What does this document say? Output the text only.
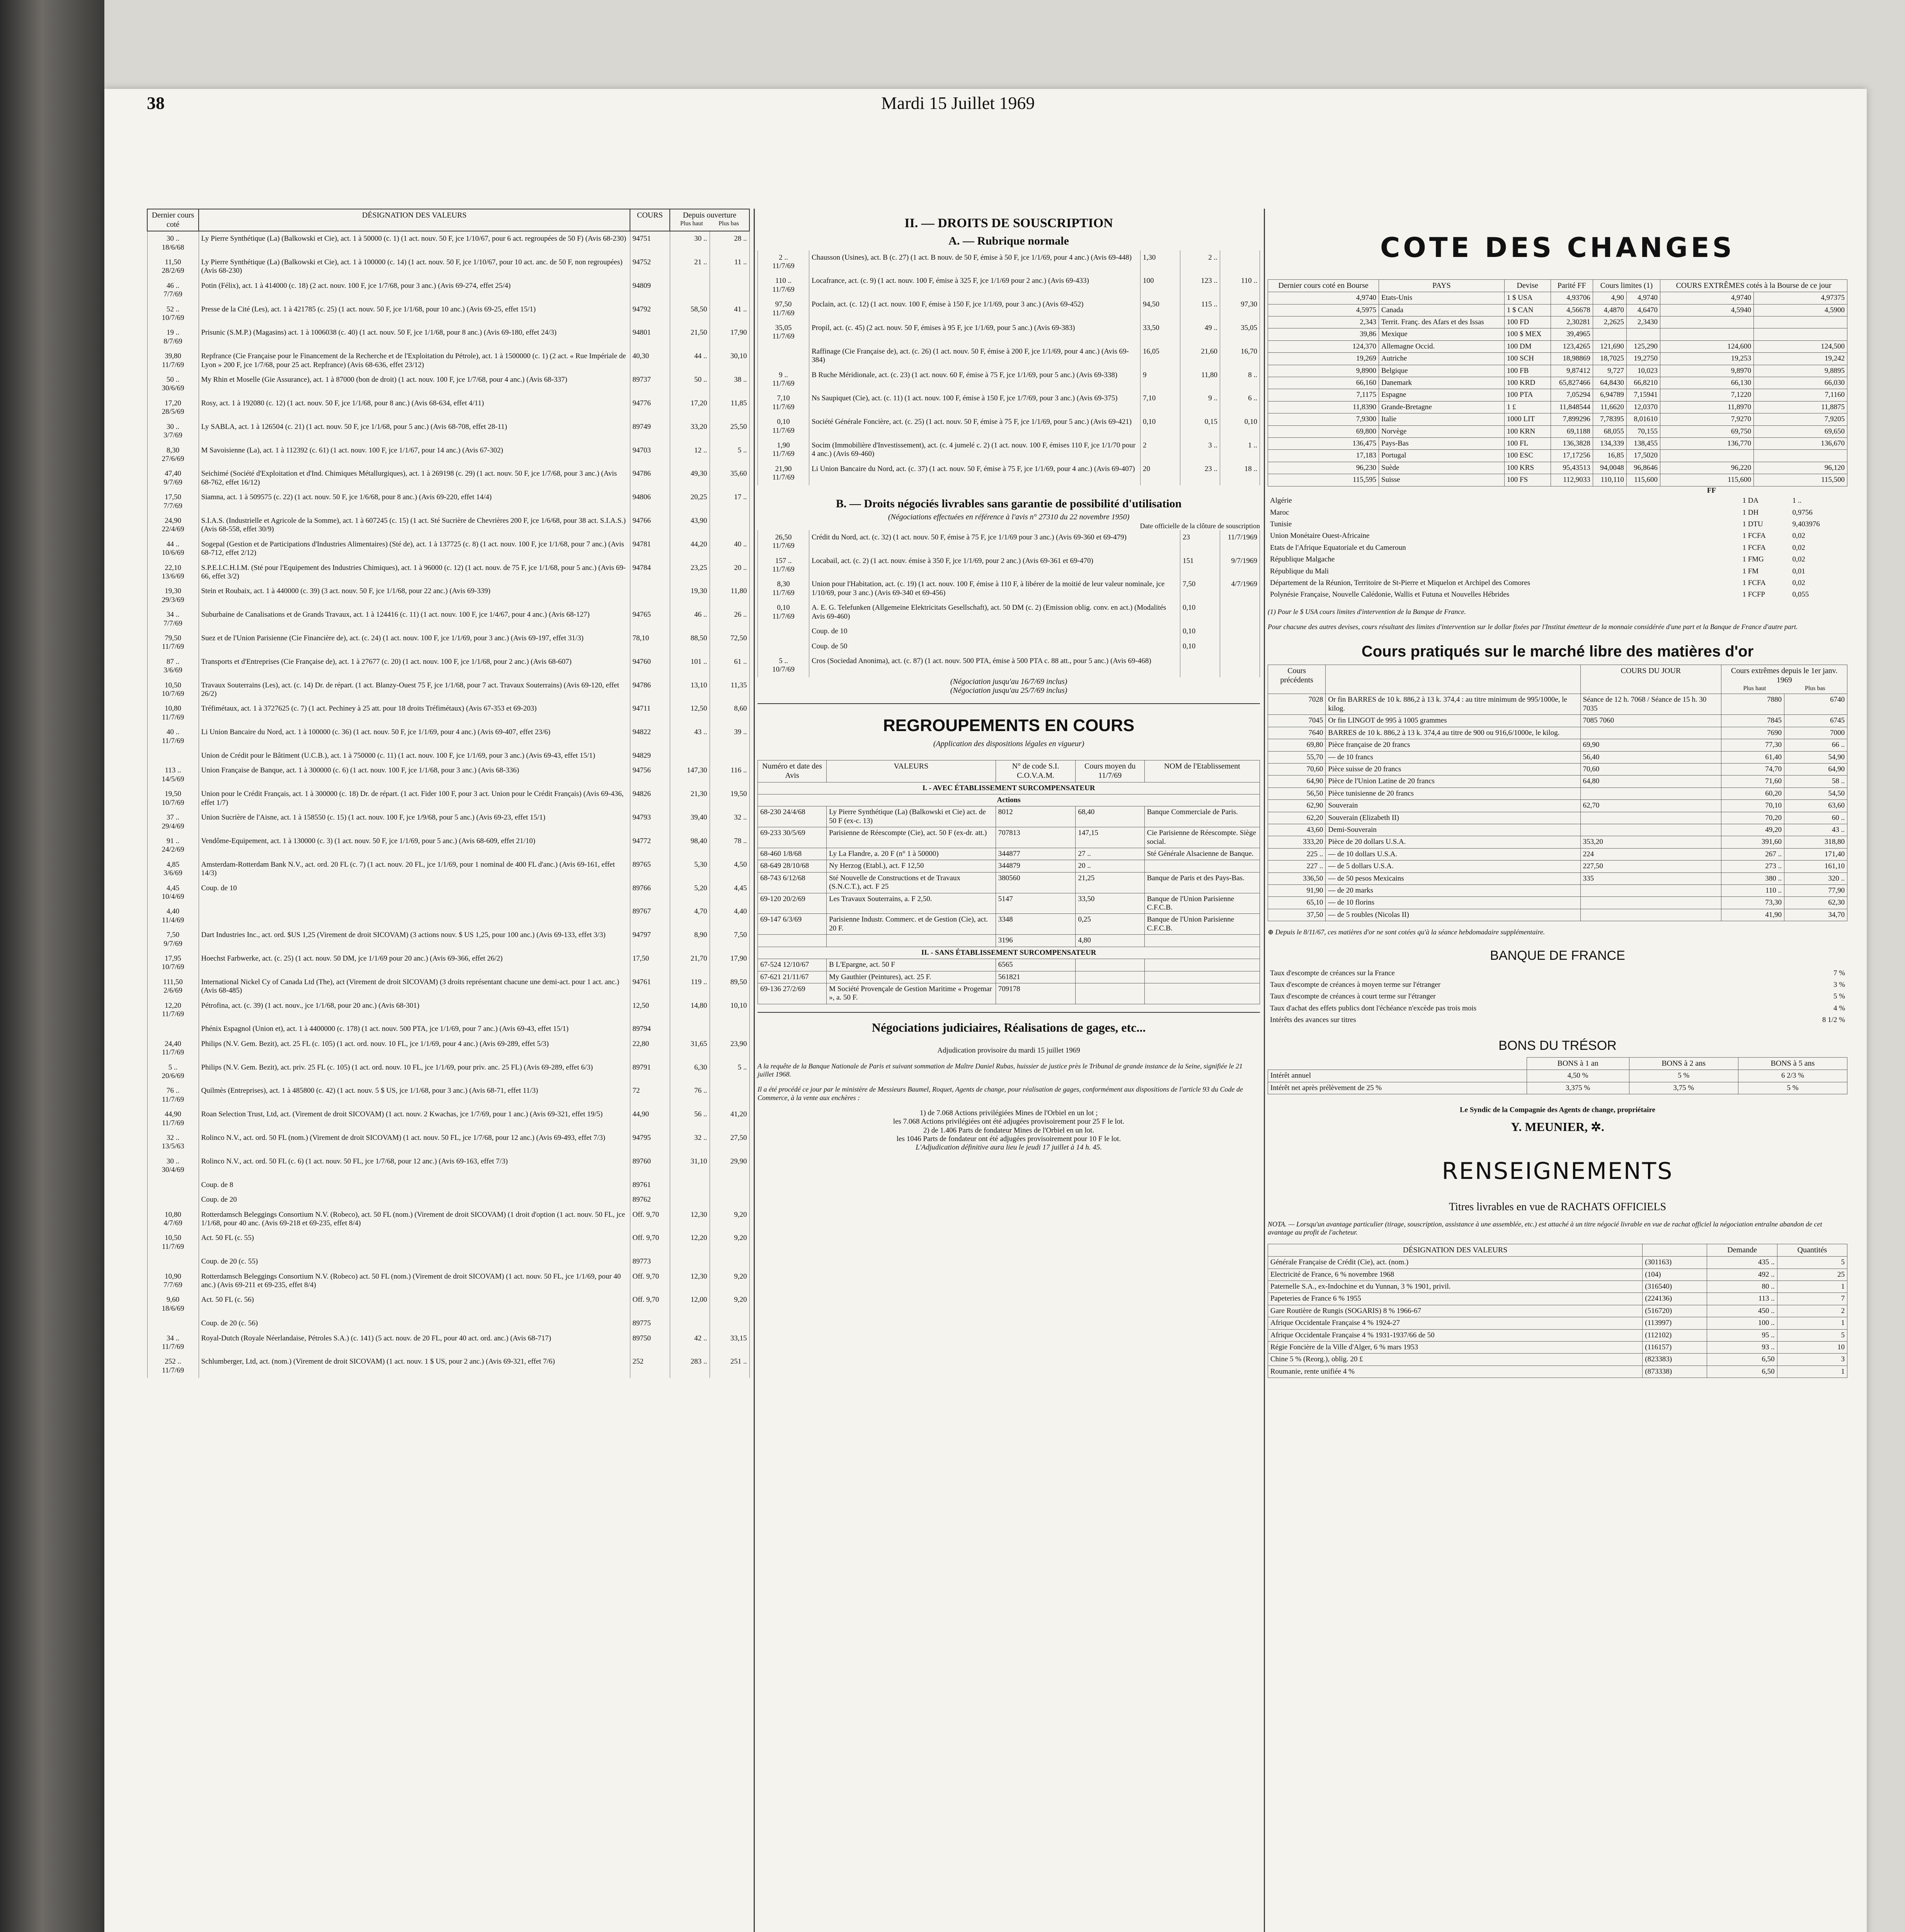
38	Mardi 15 Juillet 1969
Dernier cours coté	DÉSIGNATION DES VALEURS	COURS	Depuis ouverture
Plus haut Plus bas	

30 ..
18/6/68	Ly Pierre Synthétique (La) (Balkowski et Cie), act. 1 à 50000 (c. 1) (1 act. nouv. 50 F, jce 1/10/67, pour 6 act. regroupées de 50 F) (Avis 68-230)	94751	30 ..	28 ..
11,50
28/2/69	Ly Pierre Synthétique (La) (Balkowski et Cie), act. 1 à 100000 (c. 14) (1 act. nouv. 50 F, jce 1/10/67, pour 10 act. anc. de 50 F, non regroupées) (Avis 68-230)	94752	21 ..	11 ..
46 ..
7/7/69	Potin (Félix), act. 1 à 414000 (c. 18) (2 act. nouv. 100 F, jce 1/7/68, pour 3 anc.) (Avis 69-274, effet 25/4)	94809		
52 ..
10/7/69	Presse de la Cité (Les), act. 1 à 421785 (c. 25) (1 act. nouv. 50 F, jce 1/1/68, pour 10 anc.) (Avis 69-25, effet 15/1)	94792	58,50	41 ..
19 ..
8/7/69	Prisunic (S.M.P.) (Magasins) act. 1 à 1006038 (c. 40) (1 act. nouv. 50 F, jce 1/1/68, pour 8 anc.) (Avis 69-180, effet 24/3)	94801	21,50	17,90
39,80
11/7/69	Repfrance (Cie Française pour le Financement de la Recherche et de l'Exploitation du Pétrole), act. 1 à 1500000 (c. 1) (2 act. « Rue Impériale de Lyon » 200 F, jce 1/7/68, pour 25 act. Repfrance) (Avis 68-636, effet 23/12)	40,30	44 ..	30,10
50 ..
30/6/69	My Rhin et Moselle (Gie Assurance), act. 1 à 87000 (bon de droit) (1 act. nouv. 100 F, jce 1/7/68, pour 4 anc.) (Avis 68-337)	89737	50 ..	38 ..
17,20
28/5/69	Rosy, act. 1 à 192080 (c. 12) (1 act. nouv. 50 F, jce 1/1/68, pour 8 anc.) (Avis 68-634, effet 4/11)	94776	17,20	11,85
30 ..
3/7/69	Ly SABLA, act. 1 à 126504 (c. 21) (1 act. nouv. 50 F, jce 1/1/68, pour 5 anc.) (Avis 68-708, effet 28-11)	89749	33,20	25,50
8,30
27/6/69	M Savoisienne (La), act. 1 à 112392 (c. 61) (1 act. nouv. 100 F, jce 1/1/67, pour 14 anc.) (Avis 67-302)	94703	12 ..	5 ..
47,40
9/7/69	Seichimé (Société d'Exploitation et d'Ind. Chimiques Métallurgiques), act. 1 à 269198 (c. 29) (1 act. nouv. 50 F, jce 1/7/68, pour 3 anc.) (Avis 68-762, effet 16/12)	94786	49,30	35,60
17,50
7/7/69	Siamna, act. 1 à 509575 (c. 22) (1 act. nouv. 50 F, jce 1/6/68, pour 8 anc.) (Avis 69-220, effet 14/4)	94806	20,25	17 ..
24,90
22/4/69	S.I.A.S. (Industrielle et Agricole de la Somme), act. 1 à 607245 (c. 15) (1 act. Sté Sucrière de Chevrières 200 F, jce 1/6/68, pour 38 act. S.I.A.S.) (Avis 68-558, effet 30/9)	94766	43,90	
44 ..
10/6/69	Sogepal (Gestion et de Participations d'Industries Alimentaires) (Sté de), act. 1 à 137725 (c. 8) (1 act. nouv. 100 F, jce 1/1/68, pour 7 anc.) (Avis 68-712, effet 2/12)	94781	44,20	40 ..
22,10
13/6/69	S.P.E.I.C.H.I.M. (Sté pour l'Equipement des Industries Chimiques), act. 1 à 96000 (c. 12) (1 act. nouv. de 75 F, jce 1/1/68, pour 5 anc.) (Avis 69-66, effet 3/2)	94784	23,25	20 ..
19,30
29/3/69	Stein et Roubaix, act. 1 à 440000 (c. 39) (3 act. nouv. 50 F, jce 1/1/68, pour 22 anc.) (Avis 69-339)		19,30	11,80
34 ..
7/7/69	Suburbaine de Canalisations et de Grands Travaux, act. 1 à 124416 (c. 11) (1 act. nouv. 100 F, jce 1/4/67, pour 4 anc.) (Avis 68-127)	94765	46 ..	26 ..
79,50
11/7/69	Suez et de l'Union Parisienne (Cie Financière de), act. (c. 24) (1 act. nouv. 100 F, jce 1/1/69, pour 3 anc.) (Avis 69-197, effet 31/3)	78,10	88,50	72,50
87 ..
3/6/69	Transports et d'Entreprises (Cie Française de), act. 1 à 27677 (c. 20) (1 act. nouv. 100 F, jce 1/1/68, pour 2 anc.) (Avis 68-607)	94760	101 ..	61 ..
10,50
10/7/69	Travaux Souterrains (Les), act. (c. 14) Dr. de répart. (1 act. Blanzy-Ouest 75 F, jce 1/1/68, pour 7 act. Travaux Souterrains) (Avis 69-120, effet 26/2)	94786	13,10	11,35
10,80
11/7/69	Tréfimétaux, act. 1 à 3727625 (c. 7) (1 act. Pechiney à 25 att. pour 18 droits Tréfimétaux) (Avis 67-353 et 69-203)	94711	12,50	8,60
40 ..
11/7/69	Li Union Bancaire du Nord, act. 1 à 100000 (c. 36) (1 act. nouv. 50 F, jce 1/1/69, pour 4 anc.) (Avis 69-407, effet 23/6)	94822	43 ..	39 ..
	Union de Crédit pour le Bâtiment (U.C.B.), act. 1 à 750000 (c. 11) (1 act. nouv. 100 F, jce 1/1/69, pour 3 anc.) (Avis 69-43, effet 15/1)	94829		
113 ..
14/5/69	Union Française de Banque, act. 1 à 300000 (c. 6) (1 act. nouv. 100 F, jce 1/1/68, pour 3 anc.) (Avis 68-336)	94756	147,30	116 ..
19,50
10/7/69	Union pour le Crédit Français, act. 1 à 300000 (c. 18) Dr. de répart. (1 act. Fider 100 F, pour 3 act. Union pour le Crédit Français) (Avis 69-436, effet 1/7)	94826	21,30	19,50
37 ..
29/4/69	Union Sucrière de l'Aisne, act. 1 à 158550 (c. 15) (1 act. nouv. 100 F, jce 1/9/68, pour 5 anc.) (Avis 69-23, effet 15/1)	94793	39,40	32 ..
91 ..
24/2/69	Vendôme-Equipement, act. 1 à 130000 (c. 3) (1 act. nouv. 50 F, jce 1/1/69, pour 5 anc.) (Avis 68-609, effet 21/10)	94772	98,40	78 ..
4,85
3/6/69	Amsterdam-Rotterdam Bank N.V., act. ord. 20 FL (c. 7) (1 act. nouv. 20 FL, jce 1/1/69, pour 1 nominal de 400 FL d'anc.) (Avis 69-161, effet 14/3)	89765	5,30	4,50
4,45
10/4/69	Coup. de 10	89766	5,20	4,45
4,40
11/4/69		89767	4,70	4,40
7,50
9/7/69	Dart Industries Inc., act. ord. $US 1,25 (Virement de droit SICOVAM) (3 actions nouv. $ US 1,25, pour 100 anc.) (Avis 69-133, effet 3/3)	94797	8,90	7,50
17,95
10/7/69	Hoechst Farbwerke, act. (c. 25) (1 act. nouv. 50 DM, jce 1/1/69 pour 20 anc.) (Avis 69-366, effet 26/2)	17,50	21,70	17,90
111,50
2/6/69	International Nickel Cy of Canada Ltd (The), act (Virement de droit SICOVAM) (3 droits représentant chacune une demi-act. pour 1 act. anc.) (Avis 68-485)	94761	119 ..	89,50
12,20
11/7/69	Pétrofina, act. (c. 39) (1 act. nouv., jce 1/1/68, pour 20 anc.) (Avis 68-301)	12,50	14,80	10,10
	Phénix Espagnol (Union et), act. 1 à 4400000 (c. 178) (1 act. nouv. 500 PTA, jce 1/1/69, pour 7 anc.) (Avis 69-43, effet 15/1)	89794		
24,40
11/7/69	Philips (N.V. Gem. Bezit), act. 25 FL (c. 105) (1 act. ord. nouv. 10 FL, jce 1/1/69, pour 4 anc.) (Avis 69-289, effet 5/3)	22,80	31,65	23,90
5 ..
20/6/69	Philips (N.V. Gem. Bezit), act. priv. 25 FL (c. 105) (1 act. ord. nouv. 10 FL, jce 1/1/69, pour priv. anc. 25 FL) (Avis 69-289, effet 6/3)	89791	6,30	5 ..
76 ..
11/7/69	Quilmès (Entreprises), act. 1 à 485800 (c. 42) (1 act. nouv. 5 $ US, jce 1/1/68, pour 3 anc.) (Avis 68-71, effet 11/3)	72	76 ..	
44,90
11/7/69	Roan Selection Trust, Ltd, act. (Virement de droit SICOVAM) (1 act. nouv. 2 Kwachas, jce 1/7/69, pour 1 anc.) (Avis 69-321, effet 19/5)	44,90	56 ..	41,20
32 ..
13/5/63	Rolinco N.V., act. ord. 50 FL (nom.) (Virement de droit SICOVAM) (1 act. nouv. 50 FL, jce 1/7/68, pour 12 anc.) (Avis 69-493, effet 7/3)	94795	32 ..	27,50
30 ..
30/4/69	Rolinco N.V., act. ord. 50 FL (c. 6) (1 act. nouv. 50 FL, jce 1/7/68, pour 12 anc.) (Avis 69-163, effet 7/3)	89760	31,10	29,90
	Coup. de 8	89761		
	Coup. de 20	89762		
10,80
4/7/69	Rotterdamsch Beleggings Consortium N.V. (Robeco), act. 50 FL (nom.) (Virement de droit SICOVAM) (1 droit d'option (1 act. nouv. 50 FL, jce 1/1/68, pour 40 anc. (Avis 69-218 et 69-235, effet 8/4)	Off. 9,70	12,30	9,20
10,50
11/7/69	Act. 50 FL (c. 55)	Off. 9,70	12,20	9,20
	Coup. de 20 (c. 55)	89773		
10,90
7/7/69	Rotterdamsch Beleggings Consortium N.V. (Robeco) act. 50 FL (nom.) (Virement de droit SICOVAM) (1 act. nouv. 50 FL, jce 1/1/69, pour 40 anc.) (Avis 69-211 et 69-235, effet 8/4)	Off. 9,70	12,30	9,20
9,60
18/6/69	Act. 50 FL (c. 56)	Off. 9,70	12,00	9,20
	Coup. de 20 (c. 56)	89775		
34 ..
11/7/69	Royal-Dutch (Royale Néerlandaise, Pétroles S.A.) (c. 141) (5 act. nouv. de 20 FL, pour 40 act. ord. anc.) (Avis 68-717)	89750	42 ..	33,15
252 ..
11/7/69	Schlumberger, Ltd, act. (nom.) (Virement de droit SICOVAM) (1 act. nouv. 1 $ US, pour 2 anc.) (Avis 69-321, effet 7/6)	252	283 ..	251 ..
II. — DROITS DE SOUSCRIPTION
A. — Rubrique normale
2 ..
11/7/69	Chausson (Usines), act. B (c. 27) (1 act. B nouv. de 50 F, émise à 50 F, jce 1/1/69, pour 4 anc.) (Avis 69-448)	1,30	2 ..	
110 ..
11/7/69	Locafrance, act. (c. 9) (1 act. nouv. 100 F, émise à 325 F, jce 1/1/69 pour 2 anc.) (Avis 69-433)	100	123 ..	110 ..
97,50
11/7/69	Poclain, act. (c. 12) (1 act. nouv. 100 F, émise à 150 F, jce 1/1/69, pour 3 anc.) (Avis 69-452)	94,50	115 ..	97,30
35,05
11/7/69	Propil, act. (c. 45) (2 act. nouv. 50 F, émises à 95 F, jce 1/1/69, pour 5 anc.) (Avis 69-383)	33,50	49 ..	35,05
	Raffinage (Cie Française de), act. (c. 26) (1 act. nouv. 50 F, émise à 200 F, jce 1/1/69, pour 4 anc.) (Avis 69-384)	16,05	21,60	16,70
9 ..
11/7/69	B Ruche Méridionale, act. (c. 23) (1 act. nouv. 60 F, émise à 75 F, jce 1/1/69, pour 5 anc.) (Avis 69-338)	9	11,80	8 ..
7,10
11/7/69	Ns Saupiquet (Cie), act. (c. 11) (1 act. nouv. 100 F, émise à 150 F, jce 1/7/69, pour 3 anc.) (Avis 69-375)	7,10	9 ..	6 ..
0,10
11/7/69	Société Générale Foncière, act. (c. 25) (1 act. nouv. 50 F, émise à 75 F, jce 1/1/69, pour 5 anc.) (Avis 69-421)	0,10	0,15	0,10
1,90
11/7/69	Socim (Immobilière d'Investissement), act. (c. 4 jumelé c. 2) (1 act. nouv. 100 F, émises 110 F, jce 1/1/70 pour 4 anc.) (Avis 69-460)	2	3 ..	1 ..
21,90
11/7/69	Li Union Bancaire du Nord, act. (c. 37) (1 act. nouv. 50 F, émise à 75 F, jce 1/1/69, pour 4 anc.) (Avis 69-407)	20	23 ..	18 ..
B. — Droits négociés livrables sans garantie de possibilité d'utilisation
(Négociations effectuées en référence à l'avis n° 27310 du 22 novembre 1950)
Date officielle de la clôture de souscription
26,50
11/7/69	Crédit du Nord, act. (c. 32) (1 act. nouv. 50 F, émise à 75 F, jce 1/1/69 pour 3 anc.) (Avis 69-360 et 69-479)	23	11/7/1969
157 ..
11/7/69	Locabail, act. (c. 2) (1 act. nouv. émise à 350 F, jce 1/1/69, pour 2 anc.) (Avis 69-361 et 69-470)	151	9/7/1969
8,30
11/7/69	Union pour l'Habitation, act. (c. 19) (1 act. nouv. 100 F, émise à 110 F, à libérer de la moitié de leur valeur nominale, jce 1/10/69, pour 3 anc.) (Avis 69-340 et 69-456)	7,50	4/7/1969
0,10
11/7/69	A. E. G. Telefunken (Allgemeine Elektricitats Gesellschaft), act. 50 DM (c. 2) (Emission oblig. conv. en act.) (Modalités Avis 69-460)	0,10	
	Coup. de 10	0,10	
	Coup. de 50	0,10	
5 ..
10/7/69	Cros (Sociedad Anonima), act. (c. 87) (1 act. nouv. 500 PTA, émise à 500 PTA c. 88 att., pour 5 anc.) (Avis 69-468)		
(Négociation jusqu'au 16/7/69 inclus)
(Négociation jusqu'au 25/7/69 inclus)
REGROUPEMENTS EN COURS
(Application des dispositions légales en vigueur)
Numéro et date des Avis	VALEURS	N° de code S.I. C.O.V.A.M.	Cours moyen du 11/7/69	NOM de l'Etablissement
I. - AVEC ÉTABLISSEMENT SURCOMPENSATEUR				
Actions				
68-230 24/4/68	Ly Pierre Synthétique (La) (Balkowski et Cie) act. de 50 F (ex-c. 13)	8012	68,40	Banque Commerciale de Paris.
69-233 30/5/69	Parisienne de Réescompte (Cie), act. 50 F (ex-dr. att.)	707813	147,15	Cie Parisienne de Réescompte. Siège social.
68-460 1/8/68	Ly La Flandre, a. 20 F (n° 1 à 50000)	344877	27 ..	Sté Générale Alsacienne de Banque.
68-649 28/10/68	Ny Herzog (Etabl.), act. F 12,50	344879	20 ..	
68-743 6/12/68	Sté Nouvelle de Constructions et de Travaux (S.N.C.T.), act. F 25	380560	21,25	Banque de Paris et des Pays-Bas.
69-120 20/2/69	Les Travaux Souterrains, a. F 2,50.	5147	33,50	Banque de l'Union Parisienne C.F.C.B.
69-147 6/3/69	Parisienne Industr. Commerc. et de Gestion (Cie), act. 20 F.	3348	0,25	Banque de l'Union Parisienne C.F.C.B.
		3196	4,80	
II. - SANS ÉTABLISSEMENT SURCOMPENSATEUR				
67-524 12/10/67	B L'Epargne, act. 50 F	6565		
67-621 21/11/67	My Gauthier (Peintures), act. 25 F.	561821		
69-136 27/2/69	M Société Provençale de Gestion Maritime « Progemar », a. 50 F.	709178		
Négociations judiciaires, Réalisations de gages, etc...
Adjudication provisoire du mardi 15 juillet 1969

A la requête de la Banque Nationale de Paris et suivant sommation de Maître Daniel Rubas, huissier de justice près le Tribunal de grande instance de la Seine, signifiée le 21 juillet 1968.

Il a été procédé ce jour par le ministère de Messieurs Baumel, Roquet, Agents de change, pour réalisation de gages, conformément aux dispositions de l'article 93 du Code de Commerce, à la vente aux enchères :

1) de 7.068 Actions privilégiées Mines de l'Orbiel en un lot ;
les 7.068 Actions privilégiées ont été adjugées provisoirement pour 25 F le lot.
2) de 1.406 Parts de fondateur Mines de l'Orbiel en un lot.
les 1046 Parts de fondateur ont été adjugées provisoirement pour 10 F le lot.
L'Adjudication définitive aura lieu le jeudi 17 juillet à 14 h. 45.
COTE DES CHANGES
Dernier cours coté en Bourse	PAYS	Devise	Parité FF	Cours limites (1)		COURS EXTRÊMES cotés à la Bourse de ce jour	
4,9740	Etats-Unis	1 $ USA	4,93706	4,90	4,9740	4,9740	4,97375
4,5975	Canada	1 $ CAN	4,56678	4,4870	4,6470	4,5940	4,5900
2,343	Territ. Franç. des Afars et des Issas	100 FD	2,30281	2,2625	2,3430		
39,86	Mexique	100 $ MEX	39,4965				
124,370	Allemagne Occid.	100 DM	123,4265	121,690	125,290	124,600	124,500
19,269	Autriche	100 SCH	18,98869	18,7025	19,2750	19,253	19,242
9,8900	Belgique	100 FB	9,87412	9,727	10,023	9,8970	9,8895
66,160	Danemark	100 KRD	65,827466	64,8430	66,8210	66,130	66,030
7,1175	Espagne	100 PTA	7,05294	6,94789	7,15941	7,1220	7,1160
11,8390	Grande-Bretagne	1 £	11,848544	11,6620	12,0370	11,8970	11,8875
7,9300	Italie	1000 LIT	7,899296	7,78395	8,01610	7,9270	7,9205
69,800	Norvège	100 KRN	69,1188	68,055	70,155	69,750	69,650
136,475	Pays-Bas	100 FL	136,3828	134,339	138,455	136,770	136,670
17,183	Portugal	100 ESC	17,17256	16,85	17,5020		
96,230	Suède	100 KRS	95,43513	94,0048	96,8646	96,220	96,120
115,595	Suisse	100 FS	112,9033	110,110	115,600	115,600	115,500
FF
Algérie	1 DA	1 ..
Maroc	1 DH	0,9756
Tunisie	1 DTU	9,403976
Union Monétaire Ouest-Africaine	1 FCFA	0,02
Etats de l'Afrique Equatoriale et du Cameroun	1 FCFA	0,02
République Malgache	1 FMG	0,02
République du Mali	1 FM	0,01
Département de la Réunion, Territoire de St-Pierre et Miquelon et Archipel des Comores	1 FCFA	0,02
Polynésie Française, Nouvelle Calédonie, Wallis et Futuna et Nouvelles Hébrides	1 FCFP	0,055

(1) Pour le $ USA cours limites d'intervention de la Banque de France.

Pour chacune des autres devises, cours résultant des limites d'intervention sur le dollar fixées par l'Institut émetteur de la monnaie considérée d'une part et la Banque de France d'autre part.

Cours pratiqués sur le marché libre des matières d'or
Cours précédents		COURS DU JOUR	Cours extrêmes depuis le 1er janv. 1969
Plus haut Plus bas	

7028	Or fin BARRES de 10 k. 886,2 à 13 k. 374,4 : au titre minimum de 995/1000e, le kilog.	Séance de 12 h. 7068 / Séance de 15 h. 30 7035	7880	6740
7045	Or fin LINGOT de 995 à 1005 grammes	7085 7060	7845	6745
7640	BARRES de 10 k. 886,2 à 13 k. 374,4 au titre de 900 ou 916,6/1000e, le kilog.		7690	7000
69,80	Pièce française de 20 francs	69,90	77,30	66 ..
55,70	— de 10 francs	56,40	61,40	54,90
70,60	Pièce suisse de 20 francs	70,60	74,70	64,90
64,90	Pièce de l'Union Latine de 20 francs	64,80	71,60	58 ..
56,50	Pièce tunisienne de 20 francs		60,20	54,50
62,90	Souverain	62,70	70,10	63,60
62,20	Souverain (Elizabeth II)		70,20	60 ..
43,60	Demi-Souverain		49,20	43 ..
333,20	Pièce de 20 dollars U.S.A.	353,20	391,60	318,80
225 ..	— de 10 dollars U.S.A.	224	267 ..	171,40
227 ..	— de 5 dollars U.S.A.	227,50	273 ..	161,10
336,50	— de 50 pesos Mexicains	335	380 ..	320 ..
91,90	— de 20 marks		110 ..	77,90
65,10	— de 10 florins		73,30	62,30
37,50	— de 5 roubles (Nicolas II)		41,90	34,70

⊕ Depuis le 8/11/67, ces matières d'or ne sont cotées qu'à la séance hebdomadaire supplémentaire.

BANQUE DE FRANCE
Taux d'escompte de créances sur la France	7 %
Taux d'escompte de créances à moyen terme sur l'étranger	3 %
Taux d'escompte de créances à court terme sur l'étranger	5 %
Taux d'achat des effets publics dont l'échéance n'excède pas trois mois	4 %
Intérêts des avances sur titres	8 1/2 %
BONS DU TRÉSOR
	BONS à 1 an	BONS à 2 ans	BONS à 5 ans
Intérêt annuel	4,50 %	5 %	6 2/3 %
Intérêt net après prélèvement de 25 %	3,375 %	3,75 %	5 %
Le Syndic de la Compagnie des Agents de change, propriétaire
Y. MEUNIER, ✲.
RENSEIGNEMENTS
Titres livrables en vue de RACHATS OFFICIELS

NOTA. — Lorsqu'un avantage particulier (tirage, souscription, assistance à une assemblée, etc.) est attaché à un titre négocié livrable en vue de rachat officiel la négociation entraîne abandon de cet avantage au profit de l'acheteur.

DÉSIGNATION DES VALEURS		Demande	Quantités
Générale Française de Crédit (Cie), act. (nom.)	(301163)	435 ..	5
Electricité de France, 6 % novembre 1968	(104)	492 ..	25
Paternelle S.A., ex-Indochine et du Yunnan, 3 % 1901, privil.	(316540)	80 ..	1
Papeteries de France 6 % 1955	(224136)	113 ..	7
Gare Routière de Rungis (SOGARIS) 8 % 1966-67	(516720)	450 ..	2
Afrique Occidentale Française 4 % 1924-27	(113997)	100 ..	1
Afrique Occidentale Française 4 % 1931-1937/66 de 50	(112102)	95 ..	5
Régie Foncière de la Ville d'Alger, 6 % mars 1953	(116157)	93 ..	10
Chine 5 % (Reorg.), oblig. 20 £	(823383)	6,50	3
Roumanie, rente unifiée 4 %	(873338)	6,50	1
